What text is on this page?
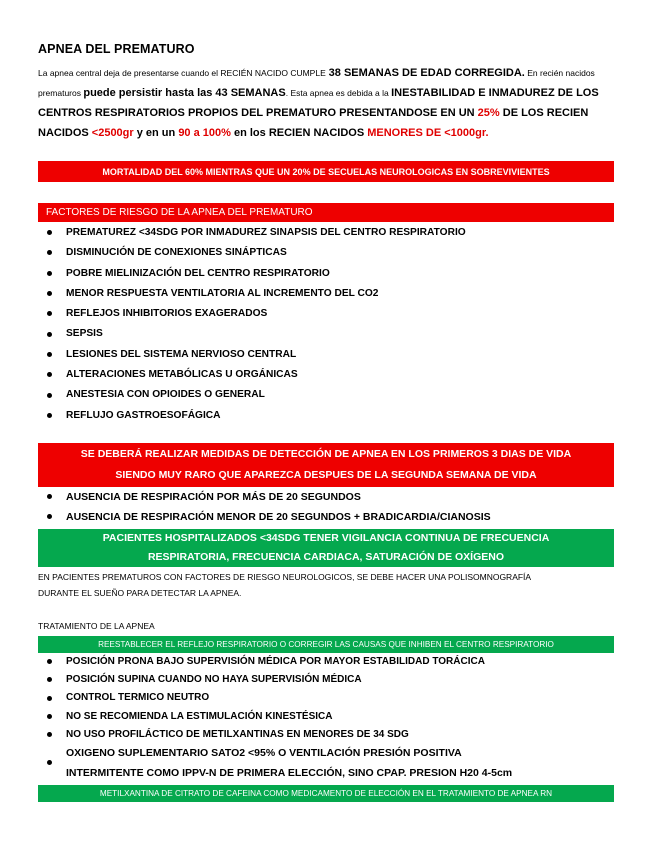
APNEA DEL PREMATURO
La apnea central deja de presentarse cuando el RECIÉN NACIDO CUMPLE 38 SEMANAS DE EDAD CORREGIDA. En recién nacidos prematuros puede persistir hasta las 43 SEMANAS. Esta apnea es debida a la INESTABILIDAD E INMADUREZ DE LOS CENTROS RESPIRATORIOS PROPIOS DEL PREMATURO PRESENTANDOSE EN UN 25% DE LOS RECIEN NACIDOS <2500gr y en un 90 a 100% en los RECIEN NACIDOS MENORES DE <1000gr.
MORTALIDAD DEL 60% MIENTRAS QUE UN 20% DE SECUELAS NEUROLOGICAS EN SOBREVIVIENTES
FACTORES DE RIESGO DE LA APNEA DEL PREMATURO
PREMATUREZ <34SDG POR INMADUREZ SINAPSIS DEL CENTRO RESPIRATORIO
DISMINUCIÓN DE CONEXIONES SINÁPTICAS
POBRE MIELINIZACIÓN DEL CENTRO RESPIRATORIO
MENOR RESPUESTA VENTILATORIA AL INCREMENTO DEL CO2
REFLEJOS INHIBITORIOS EXAGERADOS
SEPSIS
LESIONES DEL SISTEMA NERVIOSO CENTRAL
ALTERACIONES METABÓLICAS U ORGÁNICAS
ANESTESIA CON OPIOIDES O GENERAL
REFLUJO GASTROESOFÁGICA
SE DEBERÁ REALIZAR MEDIDAS DE DETECCIÓN DE APNEA EN LOS PRIMEROS 3 DIAS DE VIDA
SIENDO MUY RARO QUE APAREZCA DESPUES DE LA SEGUNDA SEMANA DE VIDA
AUSENCIA DE RESPIRACIÓN POR MÁS DE 20 SEGUNDOS
AUSENCIA DE RESPIRACIÓN MENOR DE 20 SEGUNDOS + BRADICARDIA/CIANOSIS
PACIENTES HOSPITALIZADOS <34SDG TENER VIGILANCIA CONTINUA DE FRECUENCIA
RESPIRATORIA, FRECUENCIA CARDIACA, SATURACIÓN DE OXÍGENO
EN PACIENTES PREMATUROS CON FACTORES DE RIESGO NEUROLOGICOS, SE DEBE HACER UNA POLISOMNOGRAFÍA
DURANTE EL SUEÑO PARA DETECTAR LA APNEA.
TRATAMIENTO DE LA APNEA
REESTABLECER EL REFLEJO RESPIRATORIO O CORREGIR LAS CAUSAS QUE INHIBEN EL CENTRO RESPIRATORIO
POSICIÓN PRONA BAJO SUPERVISIÓN MÉDICA POR MAYOR ESTABILIDAD TORÁCICA
POSICIÓN SUPINA CUANDO NO HAYA SUPERVISIÓN MÉDICA
CONTROL TERMICO NEUTRO
NO SE RECOMIENDA LA ESTIMULACIÓN KINESTÉSICA
NO USO PROFILÁCTICO DE METILXANTINAS EN MENORES DE 34 SDG
OXIGENO SUPLEMENTARIO SATO2 <95% O VENTILACIÓN PRESIÓN POSITIVA
INTERMITENTE COMO IPPV-N DE PRIMERA ELECCIÓN, SINO CPAP. PRESION H20 4-5cm
METILXANTINA DE CITRATO DE CAFEINA COMO MEDICAMENTO DE ELECCIÓN EN EL TRATAMIENTO DE APNEA RN
